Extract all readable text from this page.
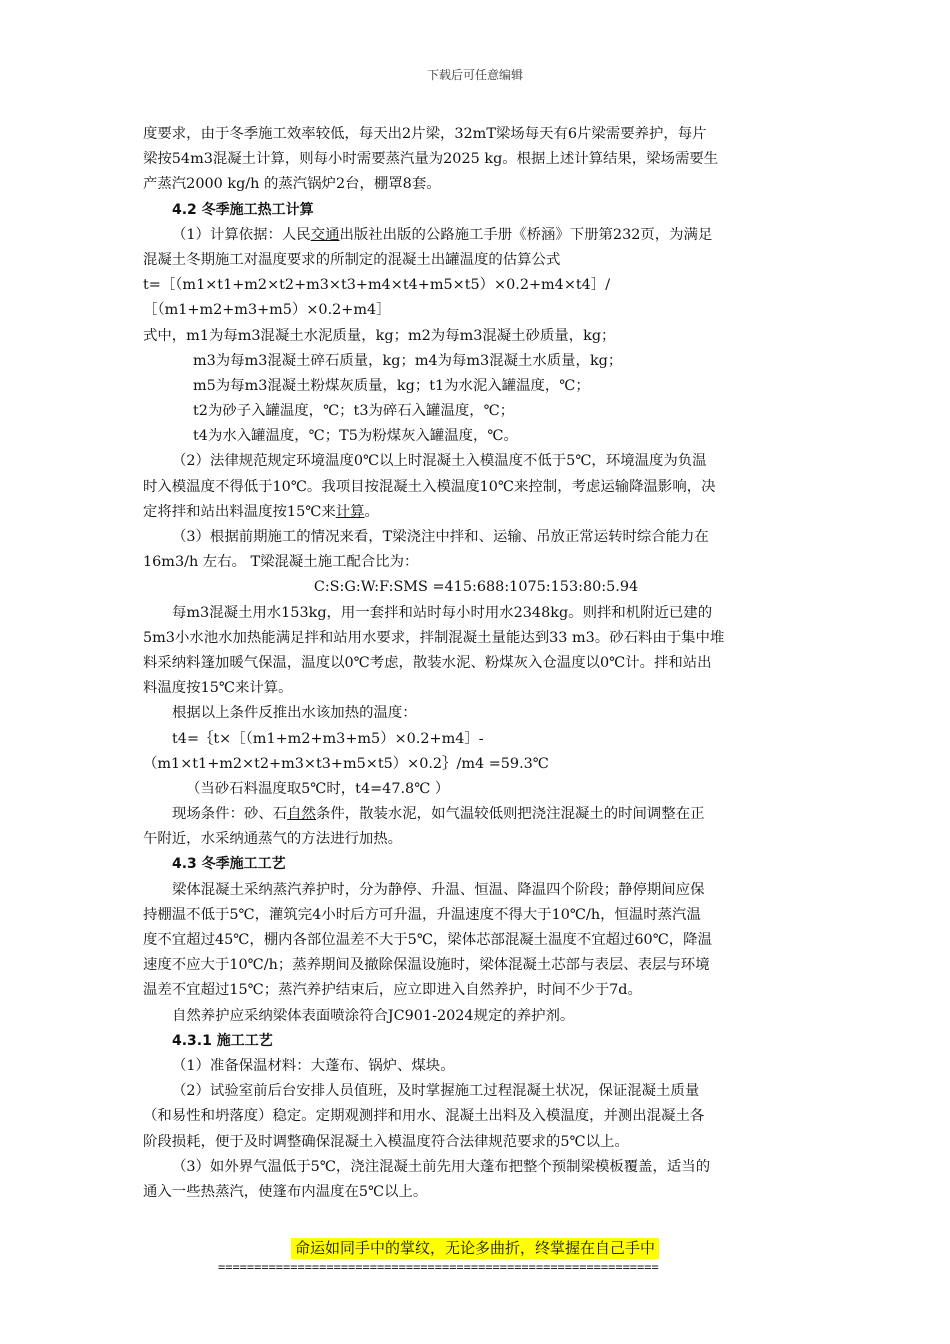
下载后可任意编辑
度要求，由于冬季施工效率较低，每天出2片梁，32mT梁场每天有6片梁需要养护，每片
梁按54m3混凝土计算，则每小时需要蒸汽量为2025 kg。根据上述计算结果，梁场需要生
产蒸汽2000 kg/h 的蒸汽锅炉2台，棚罩8套。
4.2 冬季施工热工计算
（1）计算依据：人民交通出版社出版的公路施工手册《桥涵》下册第232页，为满足
混凝土冬期施工对温度要求的所制定的混凝土出罐温度的估算公式
t=［（m1×t1+m2×t2+m3×t3+m4×t4+m5×t5）×0.2+m4×t4］/
［（m1+m2+m3+m5）×0.2+m4］
式中，m1为每m3混凝土水泥质量，kg；m2为每m3混凝土砂质量，kg；
m3为每m3混凝土碎石质量，kg；m4为每m3混凝土水质量，kg；
m5为每m3混凝土粉煤灰质量，kg；t1为水泥入罐温度，℃；
t2为砂子入罐温度，℃；t3为碎石入罐温度，℃；
t4为水入罐温度，℃；T5为粉煤灰入罐温度，℃。
（2）法律规范规定环境温度0℃以上时混凝土入模温度不低于5℃，环境温度为负温
时入模温度不得低于10℃。我项目按混凝土入模温度10℃来控制，考虑运输降温影响，决
定将拌和站出料温度按15℃来计算。
（3）根据前期施工的情况来看，T梁浇注中拌和、运输、吊放正常运转时综合能力在
16m3/h 左右。 T梁混凝土施工配合比为：
C:S:G:W:F:SMS =415:688:1075:153:80:5.94
每m3混凝土用水153kg，用一套拌和站时每小时用水2348kg。则拌和机附近已建的
5m3小水池水加热能满足拌和站用水要求，拌制混凝土量能达到33 m3。砂石料由于集中堆
料采纳料篷加暖气保温，温度以0℃考虑，散装水泥、粉煤灰入仓温度以0℃计。拌和站出
料温度按15℃来计算。
根据以上条件反推出水该加热的温度：
t4=｛t×［（m1+m2+m3+m5）×0.2+m4］-
（m1×t1+m2×t2+m3×t3+m5×t5）×0.2｝/m4 =59.3℃
（当砂石料温度取5℃时，t4=47.8℃ ）
现场条件：砂、石自然条件，散装水泥，如气温较低则把浇注混凝土的时间调整在正
午附近，水采纳通蒸气的方法进行加热。
4.3 冬季施工工艺
梁体混凝土采纳蒸汽养护时，分为静停、升温、恒温、降温四个阶段；静停期间应保
持棚温不低于5℃，灌筑完4小时后方可升温，升温速度不得大于10℃/h，恒温时蒸汽温
度不宜超过45℃，棚内各部位温差不大于5℃，梁体芯部混凝土温度不宜超过60℃，降温
速度不应大于10℃/h；蒸养期间及撤除保温设施时，梁体混凝土芯部与表层、表层与环境
温差不宜超过15℃；蒸汽养护结束后，应立即进入自然养护，时间不少于7d。
自然养护应采纳梁体表面喷涂符合JC901-2024规定的养护剂。
4.3.1 施工工艺
（1）准备保温材料：大蓬布、锅炉、煤块。
（2）试验室前后台安排人员值班，及时掌握施工过程混凝土状况，保证混凝土质量
（和易性和坍落度）稳定。定期观测拌和用水、混凝土出料及入模温度，并测出混凝土各
阶段损耗，便于及时调整确保混凝土入模温度符合法律规范要求的5℃以上。
（3）如外界气温低于5℃，浇注混凝土前先用大蓬布把整个预制梁模板覆盖，适当的
通入一些热蒸汽，使篷布内温度在5℃以上。
命运如同手中的掌纹，无论多曲折，终掌握在自己手中
=============================================================
